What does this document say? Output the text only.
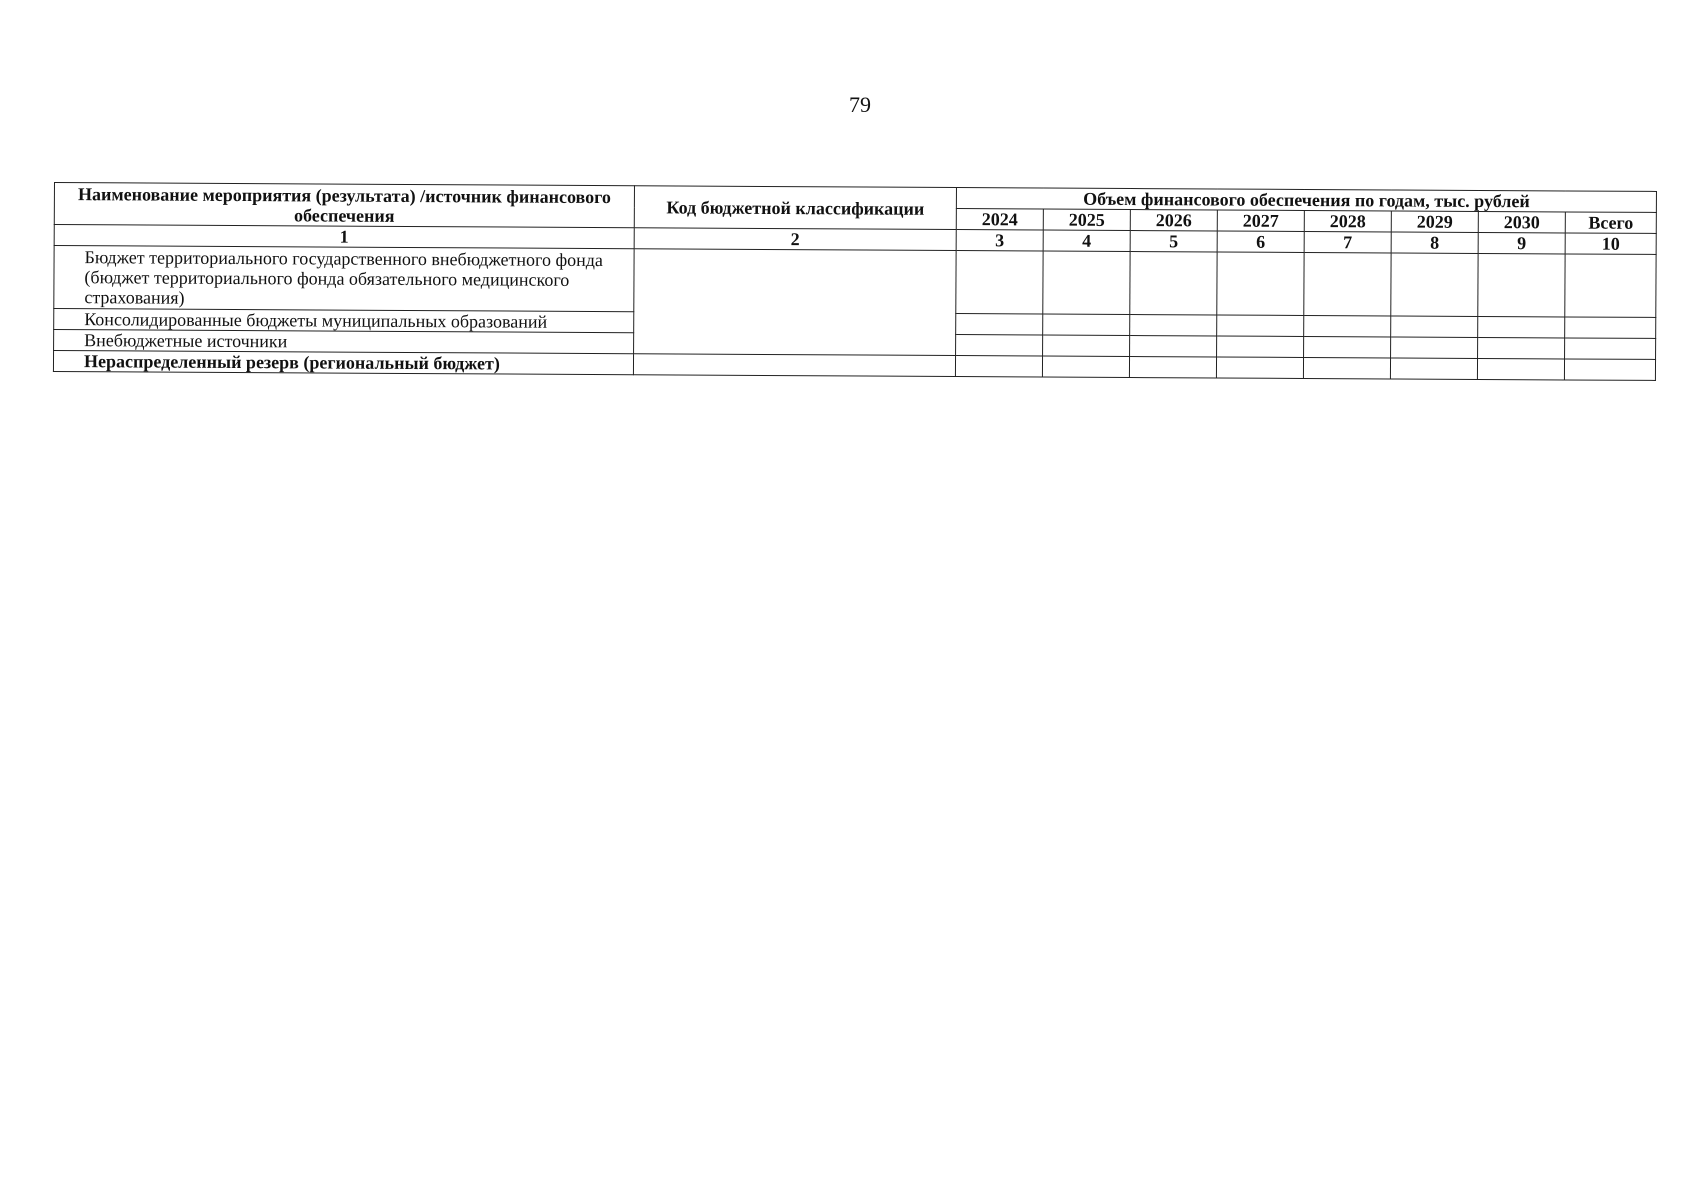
79
Наименование мероприятия (результата) /источник финансового обеспечения	Код бюджетной классификации	Объем финансового обеспечения по годам, тыс. рублей							
		2024	2025	2026	2027	2028	2029	2030	Всего
1	2	3	4	5	6	7	8	9	10
Бюджет территориального государственного внебюджетного фонда (бюджет территориального фонда обязательного медицинского страхования)									
Консолидированные бюджеты муниципальных образований									
Внебюджетные источники									
Нераспределенный резерв (региональный бюджет)									
